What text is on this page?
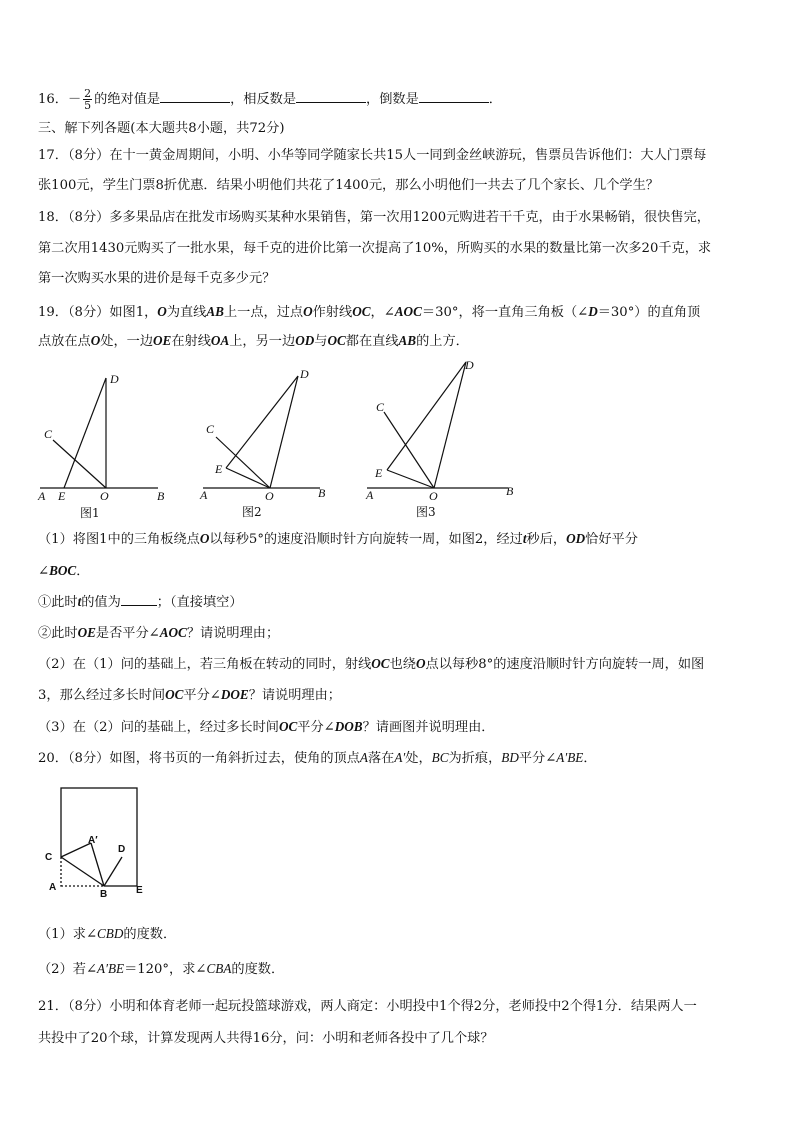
16．－ $\frac{2}{5}$ 的绝对值是	，相反数是	，倒数是	．
三、解下列各题(本大题共8小题，共72分)
17．（8分）在十一黄金周期间，小明、小华等同学随家长共15人一同到金丝峡游玩，售票员告诉他们：大人门票每
张100元，学生门票8折优惠．结果小明他们共花了1400元，那么小明他们一共去了几个家长、几个学生？
18．（8分）多多果品店在批发市场购买某种水果销售，第一次用1200元购进若干千克，由于水果畅销，很快售完，
第二次用1430元购买了一批水果，每千克的进价比第一次提高了10%，所购买的水果的数量比第一次多20千克，求
第一次购买水果的进价是每千克多少元？
19．（8分）如图1，O为直线AB上一点，过点O作射线OC，∠AOC＝30°，将一直角三角板（∠D＝30°）的直角顶
点放在点O处，一边OE在射线OA上，另一边OD与OC都在直线AB的上方．
A E	O	B
D
C
图1
A
E
O	B
D
C
图2
A
E
O	B
D
C
图3
（1）将图1中的三角板绕点O以每秒5°的速度沿顺时针方向旋转一周，如图2，经过t秒后，OD恰好平分
∠BOC．
①此时t的值为	；（直接填空）
②此时OE是否平分∠AOC？请说明理由；
（2）在（1）问的基础上，若三角板在转动的同时，射线OC也绕O点以每秒8°的速度沿顺时针方向旋转一周，如图
3，那么经过多长时间OC平分∠DOE？请说明理由；
（3）在（2）问的基础上，经过多长时间OC平分∠DOB？请画图并说明理由．
20．（8分）如图，将书页的一角斜折过去，使角的顶点A落在A′处，BC为折痕，BD平分∠A′BE．
C
A′
D
A
B	E
（1）求∠CBD的度数．
（2）若∠A′BE＝120°，求∠CBA的度数．
21．（8分）小明和体育老师一起玩投篮球游戏，两人商定：小明投中1个得2分，老师投中2个得1分．结果两人一
共投中了20个球，计算发现两人共得16分，问：小明和老师各投中了几个球？
